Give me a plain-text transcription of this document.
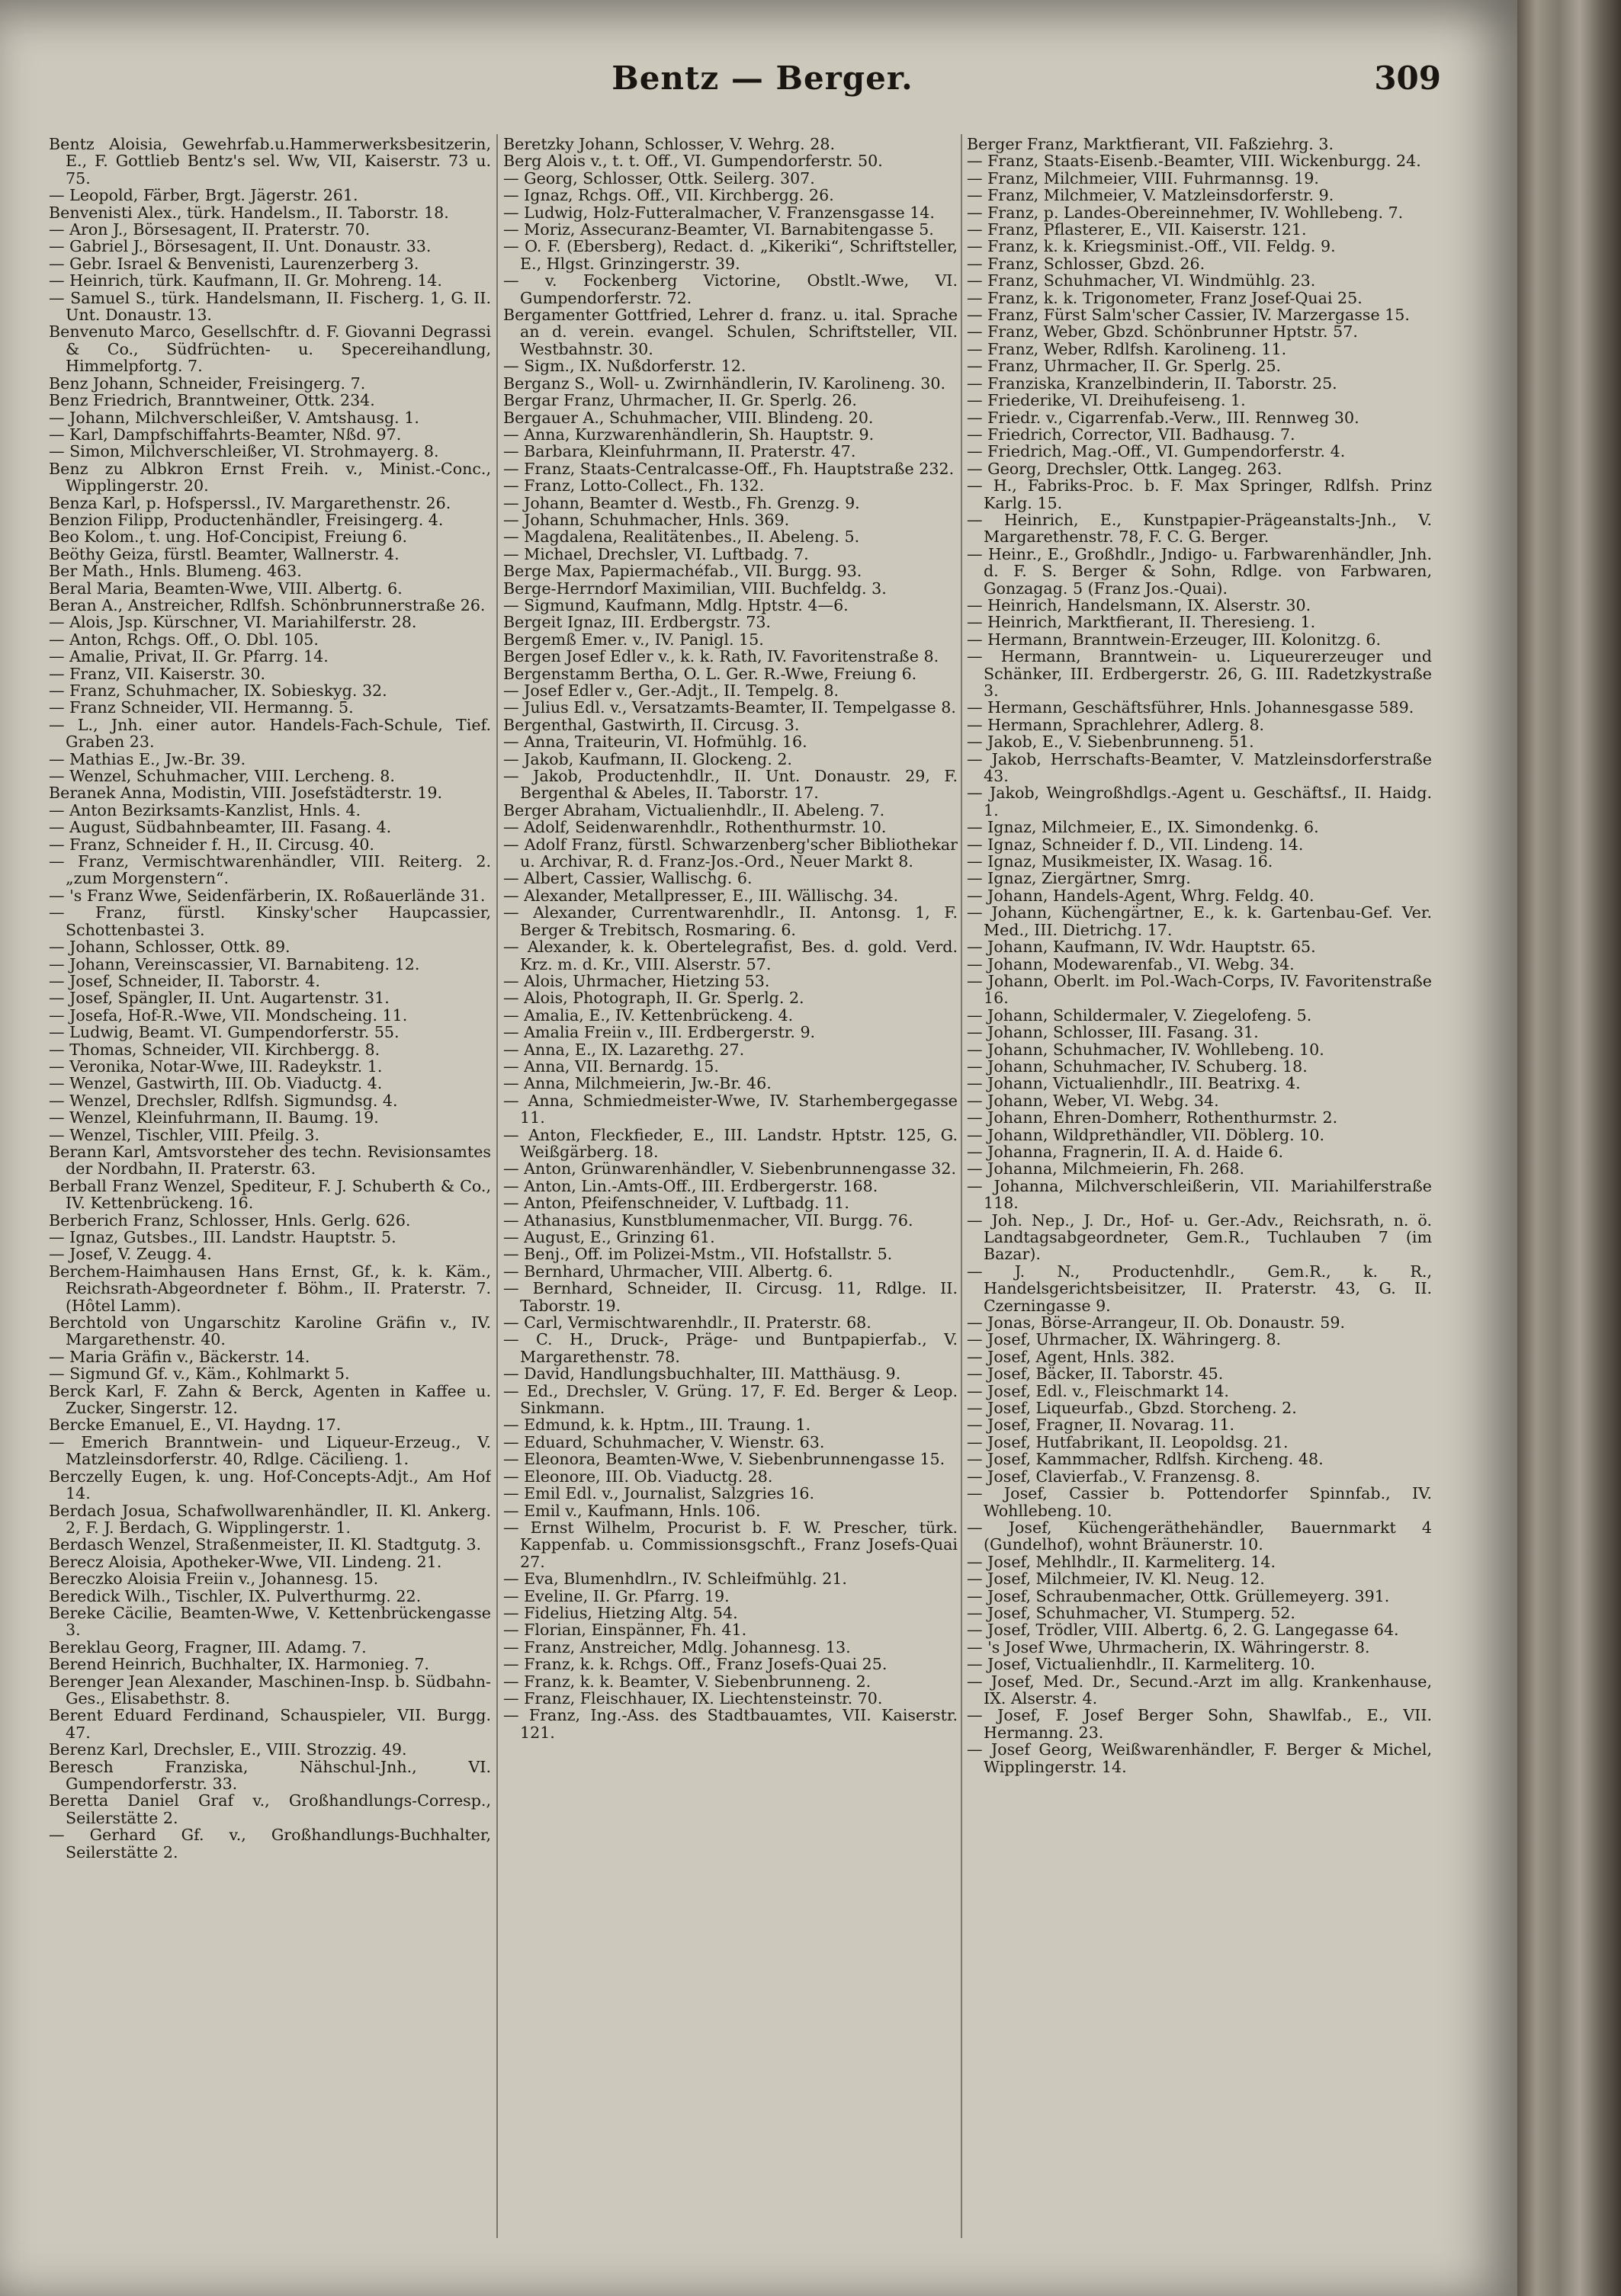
Bentz — Berger.	309

Bentz Aloisia, Gewehrfab.u.Hammerwerksbesitzerin, E., F. Gottlieb Bentz's sel. Ww, VII, Kaiserstr. 73 u. 75.

— Leopold, Färber, Brgt. Jägerstr. 261.

Benvenisti Alex., türk. Handelsm., II. Taborstr. 18.

— Aron J., Börsesagent, II. Praterstr. 70.

— Gabriel J., Börsesagent, II. Unt. Donaustr. 33.

— Gebr. Israel & Benvenisti, Laurenzerberg 3.

— Heinrich, türk. Kaufmann, II. Gr. Mohreng. 14.

— Samuel S., türk. Handelsmann, II. Fischerg. 1, G. II. Unt. Donaustr. 13.

Benvenuto Marco, Gesellschftr. d. F. Giovanni Degrassi & Co., Südfrüchten- u. Specereihandlung, Himmelpfortg. 7.

Benz Johann, Schneider, Freisingerg. 7.

Benz Friedrich, Branntweiner, Ottk. 234.

— Johann, Milchverschleißer, V. Amtshausg. 1.

— Karl, Dampfschiffahrts-Beamter, Nßd. 97.

— Simon, Milchverschleißer, VI. Strohmayerg. 8.

Benz zu Albkron Ernst Freih. v., Minist.-Conc., Wipplingerstr. 20.

Benza Karl, p. Hofsperssl., IV. Margarethenstr. 26.

Benzion Filipp, Productenhändler, Freisingerg. 4.

Beo Kolom., t. ung. Hof-Concipist, Freiung 6.

Beöthy Geiza, fürstl. Beamter, Wallnerstr. 4.

Ber Math., Hnls. Blumeng. 463.

Beral Maria, Beamten-Wwe, VIII. Albertg. 6.

Beran A., Anstreicher, Rdlfsh. Schönbrunnerstraße 26.

— Alois, Jsp. Kürschner, VI. Mariahilferstr. 28.

— Anton, Rchgs. Off., O. Dbl. 105.

— Amalie, Privat, II. Gr. Pfarrg. 14.

— Franz, VII. Kaiserstr. 30.

— Franz, Schuhmacher, IX. Sobieskyg. 32.

— Franz Schneider, VII. Hermanng. 5.

— L., Jnh. einer autor. Handels-Fach-Schule, Tief. Graben 23.

— Mathias E., Jw.-Br. 39.

— Wenzel, Schuhmacher, VIII. Lercheng. 8.

Beranek Anna, Modistin, VIII. Josefstädterstr. 19.

— Anton Bezirksamts-Kanzlist, Hnls. 4.

— August, Südbahnbeamter, III. Fasang. 4.

— Franz, Schneider f. H., II. Circusg. 40.

— Franz, Vermischtwarenhändler, VIII. Reiterg. 2. „zum Morgenstern“.

— 's Franz Wwe, Seidenfärberin, IX. Roßauerlände 31.

— Franz, fürstl. Kinsky'scher Haupcassier, Schottenbastei 3.

— Johann, Schlosser, Ottk. 89.

— Johann, Vereinscassier, VI. Barnabiteng. 12.

— Josef, Schneider, II. Taborstr. 4.

— Josef, Spängler, II. Unt. Augartenstr. 31.

— Josefa, Hof-R.-Wwe, VII. Mondscheing. 11.

— Ludwig, Beamt. VI. Gumpendorferstr. 55.

— Thomas, Schneider, VII. Kirchbergg. 8.

— Veronika, Notar-Wwe, III. Radeykstr. 1.

— Wenzel, Gastwirth, III. Ob. Viaductg. 4.

— Wenzel, Drechsler, Rdlfsh. Sigmundsg. 4.

— Wenzel, Kleinfuhrmann, II. Baumg. 19.

— Wenzel, Tischler, VIII. Pfeilg. 3.

Berann Karl, Amtsvorsteher des techn. Revisionsamtes der Nordbahn, II. Praterstr. 63.

Berball Franz Wenzel, Spediteur, F. J. Schuberth & Co., IV. Kettenbrückeng. 16.

Berberich Franz, Schlosser, Hnls. Gerlg. 626.

— Ignaz, Gutsbes., III. Landstr. Hauptstr. 5.

— Josef, V. Zeugg. 4.

Berchem-Haimhausen Hans Ernst, Gf., k. k. Käm., Reichsrath-Abgeordneter f. Böhm., II. Praterstr. 7. (Hôtel Lamm).

Berchtold von Ungarschitz Karoline Gräfin v., IV. Margarethenstr. 40.

— Maria Gräfin v., Bäckerstr. 14.

— Sigmund Gf. v., Käm., Kohlmarkt 5.

Berck Karl, F. Zahn & Berck, Agenten in Kaffee u. Zucker, Singerstr. 12.

Bercke Emanuel, E., VI. Haydng. 17.

— Emerich Branntwein- und Liqueur-Erzeug., V. Matzleinsdorferstr. 40, Rdlge. Cäcilieng. 1.

Berczelly Eugen, k. ung. Hof-Concepts-Adjt., Am Hof 14.

Berdach Josua, Schafwollwarenhändler, II. Kl. Ankerg. 2, F. J. Berdach, G. Wipplingerstr. 1.

Berdasch Wenzel, Straßenmeister, II. Kl. Stadtgutg. 3.

Berecz Aloisia, Apotheker-Wwe, VII. Lindeng. 21.

Bereczko Aloisia Freiin v., Johannesg. 15.

Beredick Wilh., Tischler, IX. Pulverthurmg. 22.

Bereke Cäcilie, Beamten-Wwe, V. Kettenbrückengasse 3.

Bereklau Georg, Fragner, III. Adamg. 7.

Berend Heinrich, Buchhalter, IX. Harmonieg. 7.

Berenger Jean Alexander, Maschinen-Insp. b. Südbahn-Ges., Elisabethstr. 8.

Berent Eduard Ferdinand, Schauspieler, VII. Burgg. 47.

Berenz Karl, Drechsler, E., VIII. Strozzig. 49.

Beresch Franziska, Nähschul-Jnh., VI. Gumpendorferstr. 33.

Beretta Daniel Graf v., Großhandlungs-Corresp., Seilerstätte 2.

— Gerhard Gf. v., Großhandlungs-Buchhalter, Seilerstätte 2.

Beretzky Johann, Schlosser, V. Wehrg. 28.

Berg Alois v., t. t. Off., VI. Gumpendorferstr. 50.

— Georg, Schlosser, Ottk. Seilerg. 307.

— Ignaz, Rchgs. Off., VII. Kirchbergg. 26.

— Ludwig, Holz-Futteralmacher, V. Franzensgasse 14.

— Moriz, Assecuranz-Beamter, VI. Barnabitengasse 5.

— O. F. (Ebersberg), Redact. d. „Kikeriki“, Schriftsteller, E., Hlgst. Grinzingerstr. 39.

— v. Fockenberg Victorine, Obstlt.-Wwe, VI. Gumpendorferstr. 72.

Bergamenter Gottfried, Lehrer d. franz. u. ital. Sprache an d. verein. evangel. Schulen, Schriftsteller, VII. Westbahnstr. 30.

— Sigm., IX. Nußdorferstr. 12.

Berganz S., Woll- u. Zwirnhändlerin, IV. Karolineng. 30.

Bergar Franz, Uhrmacher, II. Gr. Sperlg. 26.

Bergauer A., Schuhmacher, VIII. Blindeng. 20.

— Anna, Kurzwarenhändlerin, Sh. Hauptstr. 9.

— Barbara, Kleinfuhrmann, II. Praterstr. 47.

— Franz, Staats-Centralcasse-Off., Fh. Hauptstraße 232.

— Franz, Lotto-Collect., Fh. 132.

— Johann, Beamter d. Westb., Fh. Grenzg. 9.

— Johann, Schuhmacher, Hnls. 369.

— Magdalena, Realitätenbes., II. Abeleng. 5.

— Michael, Drechsler, VI. Luftbadg. 7.

Berge Max, Papiermachéfab., VII. Burgg. 93.

Berge-Herrndorf Maximilian, VIII. Buchfeldg. 3.

— Sigmund, Kaufmann, Mdlg. Hptstr. 4—6.

Bergeit Ignaz, III. Erdbergstr. 73.

Bergemß Emer. v., IV. Panigl. 15.

Bergen Josef Edler v., k. k. Rath, IV. Favoritenstraße 8.

Bergenstamm Bertha, O. L. Ger. R.-Wwe, Freiung 6.

— Josef Edler v., Ger.-Adjt., II. Tempelg. 8.

— Julius Edl. v., Versatzamts-Beamter, II. Tempelgasse 8.

Bergenthal, Gastwirth, II. Circusg. 3.

— Anna, Traiteurin, VI. Hofmühlg. 16.

— Jakob, Kaufmann, II. Glockeng. 2.

— Jakob, Productenhdlr., II. Unt. Donaustr. 29, F. Bergenthal & Abeles, II. Taborstr. 17.

Berger Abraham, Victualienhdlr., II. Abeleng. 7.

— Adolf, Seidenwarenhdlr., Rothenthurmstr. 10.

— Adolf Franz, fürstl. Schwarzenberg'scher Bibliothekar u. Archivar, R. d. Franz-Jos.-Ord., Neuer Markt 8.

— Albert, Cassier, Wallischg. 6.

— Alexander, Metallpresser, E., III. Wällischg. 34.

— Alexander, Currentwarenhdlr., II. Antonsg. 1, F. Berger & Trebitsch, Rosmaring. 6.

— Alexander, k. k. Obertelegrafist, Bes. d. gold. Verd. Krz. m. d. Kr., VIII. Alserstr. 57.

— Alois, Uhrmacher, Hietzing 53.

— Alois, Photograph, II. Gr. Sperlg. 2.

— Amalia, E., IV. Kettenbrückeng. 4.

— Amalia Freiin v., III. Erdbergerstr. 9.

— Anna, E., IX. Lazarethg. 27.

— Anna, VII. Bernardg. 15.

— Anna, Milchmeierin, Jw.-Br. 46.

— Anna, Schmiedmeister-Wwe, IV. Starhembergegasse 11.

— Anton, Fleckfieder, E., III. Landstr. Hptstr. 125, G. Weißgärberg. 18.

— Anton, Grünwarenhändler, V. Siebenbrunnengasse 32.

— Anton, Lin.-Amts-Off., III. Erdbergerstr. 168.

— Anton, Pfeifenschneider, V. Luftbadg. 11.

— Athanasius, Kunstblumenmacher, VII. Burgg. 76.

— August, E., Grinzing 61.

— Benj., Off. im Polizei-Mstm., VII. Hofstallstr. 5.

— Bernhard, Uhrmacher, VIII. Albertg. 6.

— Bernhard, Schneider, II. Circusg. 11, Rdlge. II. Taborstr. 19.

— Carl, Vermischtwarenhdlr., II. Praterstr. 68.

— C. H., Druck-, Präge- und Buntpapierfab., V. Margarethenstr. 78.

— David, Handlungsbuchhalter, III. Matthäusg. 9.

— Ed., Drechsler, V. Grüng. 17, F. Ed. Berger & Leop. Sinkmann.

— Edmund, k. k. Hptm., III. Traung. 1.

— Eduard, Schuhmacher, V. Wienstr. 63.

— Eleonora, Beamten-Wwe, V. Siebenbrunnengasse 15.

— Eleonore, III. Ob. Viaductg. 28.

— Emil Edl. v., Journalist, Salzgries 16.

— Emil v., Kaufmann, Hnls. 106.

— Ernst Wilhelm, Procurist b. F. W. Prescher, türk. Kappenfab. u. Commissionsgschft., Franz Josefs-Quai 27.

— Eva, Blumenhdlrn., IV. Schleifmühlg. 21.

— Eveline, II. Gr. Pfarrg. 19.

— Fidelius, Hietzing Altg. 54.

— Florian, Einspänner, Fh. 41.

— Franz, Anstreicher, Mdlg. Johannesg. 13.

— Franz, k. k. Rchgs. Off., Franz Josefs-Quai 25.

— Franz, k. k. Beamter, V. Siebenbrunneng. 2.

— Franz, Fleischhauer, IX. Liechtensteinstr. 70.

— Franz, Ing.-Ass. des Stadtbauamtes, VII. Kaiserstr. 121.

Berger Franz, Marktfierant, VII. Faßziehrg. 3.

— Franz, Staats-Eisenb.-Beamter, VIII. Wickenburgg. 24.

— Franz, Milchmeier, VIII. Fuhrmannsg. 19.

— Franz, Milchmeier, V. Matzleinsdorferstr. 9.

— Franz, p. Landes-Obereinnehmer, IV. Wohllebeng. 7.

— Franz, Pflasterer, E., VII. Kaiserstr. 121.

— Franz, k. k. Kriegsminist.-Off., VII. Feldg. 9.

— Franz, Schlosser, Gbzd. 26.

— Franz, Schuhmacher, VI. Windmühlg. 23.

— Franz, k. k. Trigonometer, Franz Josef-Quai 25.

— Franz, Fürst Salm'scher Cassier, IV. Marzergasse 15.

— Franz, Weber, Gbzd. Schönbrunner Hptstr. 57.

— Franz, Weber, Rdlfsh. Karolineng. 11.

— Franz, Uhrmacher, II. Gr. Sperlg. 25.

— Franziska, Kranzelbinderin, II. Taborstr. 25.

— Friederike, VI. Dreihufeiseng. 1.

— Friedr. v., Cigarrenfab.-Verw., III. Rennweg 30.

— Friedrich, Corrector, VII. Badhausg. 7.

— Friedrich, Mag.-Off., VI. Gumpendorferstr. 4.

— Georg, Drechsler, Ottk. Langeg. 263.

— H., Fabriks-Proc. b. F. Max Springer, Rdlfsh. Prinz Karlg. 15.

— Heinrich, E., Kunstpapier-Prägeanstalts-Jnh., V. Margarethenstr. 78, F. C. G. Berger.

— Heinr., E., Großhdlr., Jndigo- u. Farbwarenhändler, Jnh. d. F. S. Berger & Sohn, Rdlge. von Farbwaren, Gonzagag. 5 (Franz Jos.-Quai).

— Heinrich, Handelsmann, IX. Alserstr. 30.

— Heinrich, Marktfierant, II. Theresieng. 1.

— Hermann, Branntwein-Erzeuger, III. Kolonitzg. 6.

— Hermann, Branntwein- u. Liqueurerzeuger und Schänker, III. Erdbergerstr. 26, G. III. Radetzkystraße 3.

— Hermann, Geschäftsführer, Hnls. Johannesgasse 589.

— Hermann, Sprachlehrer, Adlerg. 8.

— Jakob, E., V. Siebenbrunneng. 51.

— Jakob, Herrschafts-Beamter, V. Matzleinsdorferstraße 43.

— Jakob, Weingroßhdlgs.-Agent u. Geschäftsf., II. Haidg. 1.

— Ignaz, Milchmeier, E., IX. Simondenkg. 6.

— Ignaz, Schneider f. D., VII. Lindeng. 14.

— Ignaz, Musikmeister, IX. Wasag. 16.

— Ignaz, Ziergärtner, Smrg.

— Johann, Handels-Agent, Whrg. Feldg. 40.

— Johann, Küchengärtner, E., k. k. Gartenbau-Gef. Ver. Med., III. Dietrichg. 17.

— Johann, Kaufmann, IV. Wdr. Hauptstr. 65.

— Johann, Modewarenfab., VI. Webg. 34.

— Johann, Oberlt. im Pol.-Wach-Corps, IV. Favoritenstraße 16.

— Johann, Schildermaler, V. Ziegelofeng. 5.

— Johann, Schlosser, III. Fasang. 31.

— Johann, Schuhmacher, IV. Wohllebeng. 10.

— Johann, Schuhmacher, IV. Schuberg. 18.

— Johann, Victualienhdlr., III. Beatrixg. 4.

— Johann, Weber, VI. Webg. 34.

— Johann, Ehren-Domherr, Rothenthurmstr. 2.

— Johann, Wildprethändler, VII. Döblerg. 10.

— Johanna, Fragnerin, II. A. d. Haide 6.

— Johanna, Milchmeierin, Fh. 268.

— Johanna, Milchverschleißerin, VII. Mariahilferstraße 118.

— Joh. Nep., J. Dr., Hof- u. Ger.-Adv., Reichsrath, n. ö. Landtagsabgeordneter, Gem.R., Tuchlauben 7 (im Bazar).

— J. N., Productenhdlr., Gem.R., k. R., Handelsgerichtsbeisitzer, II. Praterstr. 43, G. II. Czerningasse 9.

— Jonas, Börse-Arrangeur, II. Ob. Donaustr. 59.

— Josef, Uhrmacher, IX. Währingerg. 8.

— Josef, Agent, Hnls. 382.

— Josef, Bäcker, II. Taborstr. 45.

— Josef, Edl. v., Fleischmarkt 14.

— Josef, Liqueurfab., Gbzd. Storcheng. 2.

— Josef, Fragner, II. Novarag. 11.

— Josef, Hutfabrikant, II. Leopoldsg. 21.

— Josef, Kammmacher, Rdlfsh. Kircheng. 48.

— Josef, Clavierfab., V. Franzensg. 8.

— Josef, Cassier b. Pottendorfer Spinnfab., IV. Wohllebeng. 10.

— Josef, Küchengeräthehändler, Bauernmarkt 4 (Gundelhof), wohnt Bräunerstr. 10.

— Josef, Mehlhdlr., II. Karmeliterg. 14.

— Josef, Milchmeier, IV. Kl. Neug. 12.

— Josef, Schraubenmacher, Ottk. Grüllemeyerg. 391.

— Josef, Schuhmacher, VI. Stumperg. 52.

— Josef, Trödler, VIII. Albertg. 6, 2. G. Langegasse 64.

— 's Josef Wwe, Uhrmacherin, IX. Währingerstr. 8.

— Josef, Victualienhdlr., II. Karmeliterg. 10.

— Josef, Med. Dr., Secund.-Arzt im allg. Krankenhause, IX. Alserstr. 4.

— Josef, F. Josef Berger Sohn, Shawlfab., E., VII. Hermanng. 23.

— Josef Georg, Weißwarenhändler, F. Berger & Michel, Wipplingerstr. 14.
